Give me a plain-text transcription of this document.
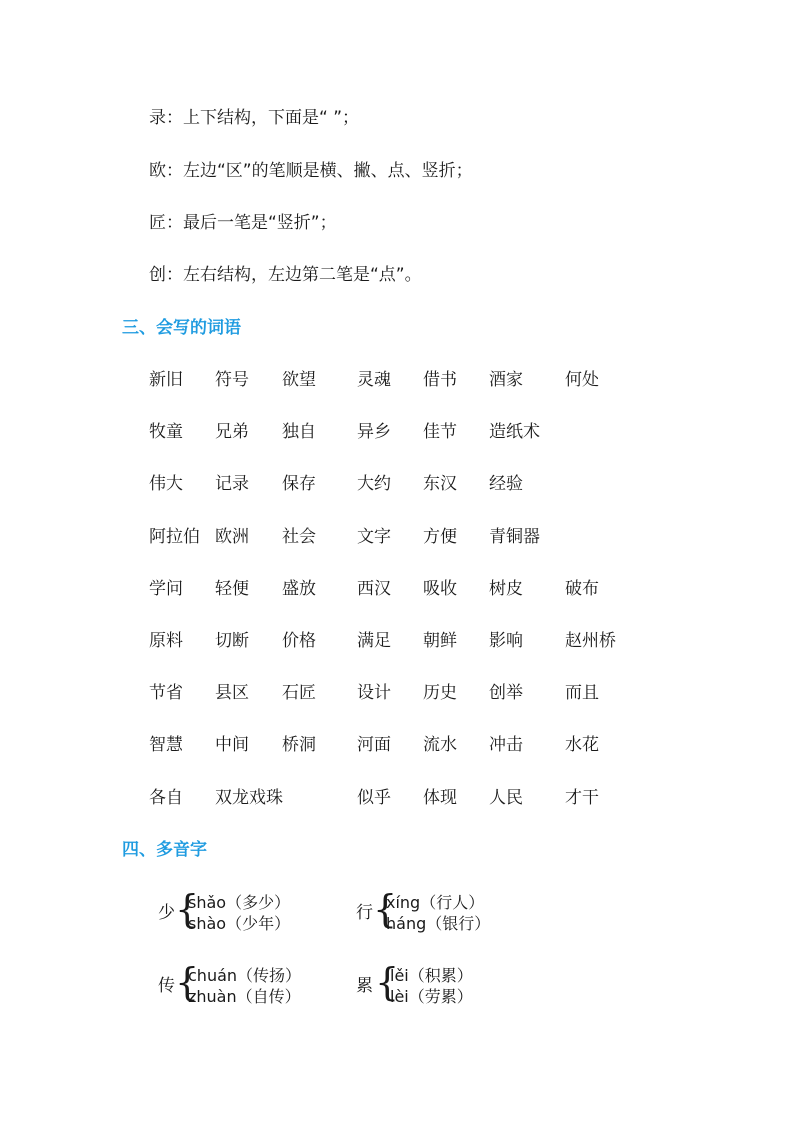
录：上下结构，下面是“ ”；
欧：左边“区”的笔顺是横、撇、点、竖折；
匠：最后一笔是“竖折”；
创：左右结构，左边第二笔是“点”。
三、会写的词语
新旧 符号 欲望 灵魂 借书 酒家 何处
牧童 兄弟 独自 异乡 佳节 造纸术
伟大 记录 保存 大约 东汉 经验
阿拉伯 欧洲 社会 文字 方便 青铜器
学问 轻便 盛放 西汉 吸收 树皮 破布
原料 切断 价格 满足 朝鲜 影响 赵州桥
节省 县区 石匠 设计 历史 创举 而且
智慧 中间 桥洞 河面 流水 冲击 水花
各自 双龙戏珠	似乎 体现 人民 才干
四、多音字
少 {
shǎo（多少）
shào（少年）
行 {
xíng（行人）
háng（银行）
传 {
chuán（传扬）
zhuàn（自传）
累 {
lěi（积累）
lèi（劳累）
